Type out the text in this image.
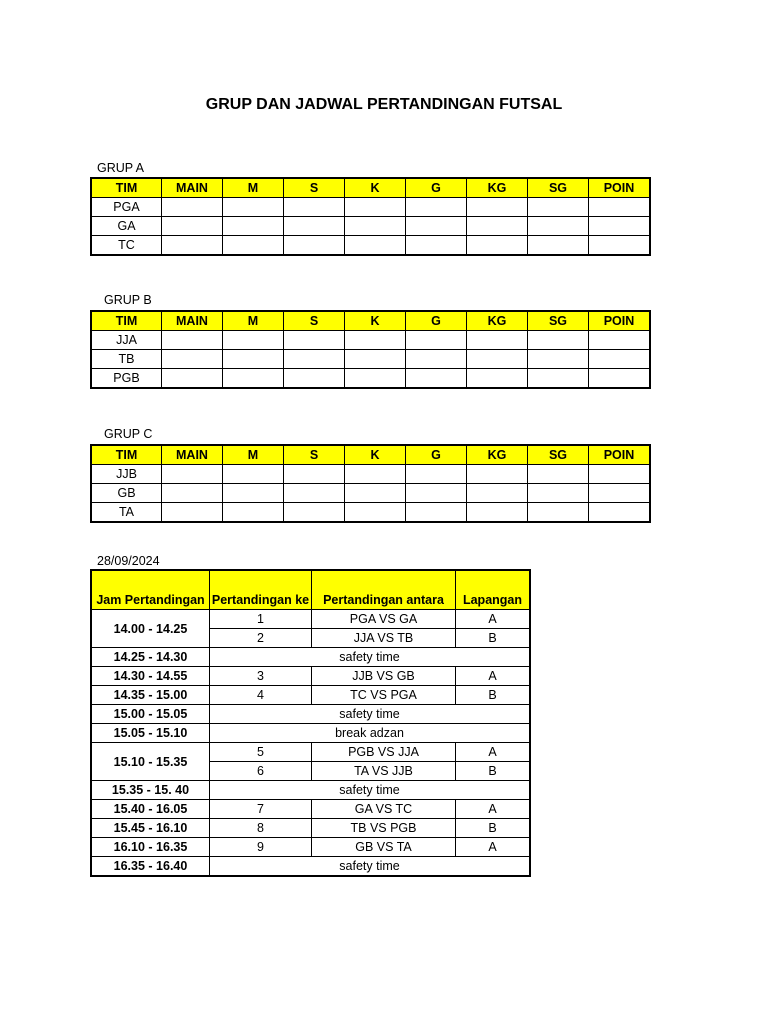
GRUP DAN JADWAL PERTANDINGAN FUTSAL
GRUP A
TIM	MAIN	M	S	K	G	KG	SG	POIN
PGA								
GA								
TC								
GRUP B
TIM	MAIN	M	S	K	G	KG	SG	POIN
JJA								
TB								
PGB								
GRUP C
TIM	MAIN	M	S	K	G	KG	SG	POIN
JJB								
GB								
TA								
28/09/2024
Jam Pertandingan	Pertandingan ke	Pertandingan antara	Lapangan
14.00 - 14.25	1	PGA VS GA	A
	2	JJA VS TB	B
14.25 - 14.30	safety time		
14.30 - 14.55	3	JJB VS GB	A
14.35 - 15.00	4	TC VS PGA	B
15.00 - 15.05	safety time		
15.05 - 15.10	break adzan		
15.10 - 15.35	5	PGB VS JJA	A
	6	TA VS JJB	B
15.35 - 15. 40	safety time		
15.40 - 16.05	7	GA VS TC	A
15.45 - 16.10	8	TB VS PGB	B
16.10 - 16.35	9	GB VS TA	A
16.35 - 16.40	safety time		
